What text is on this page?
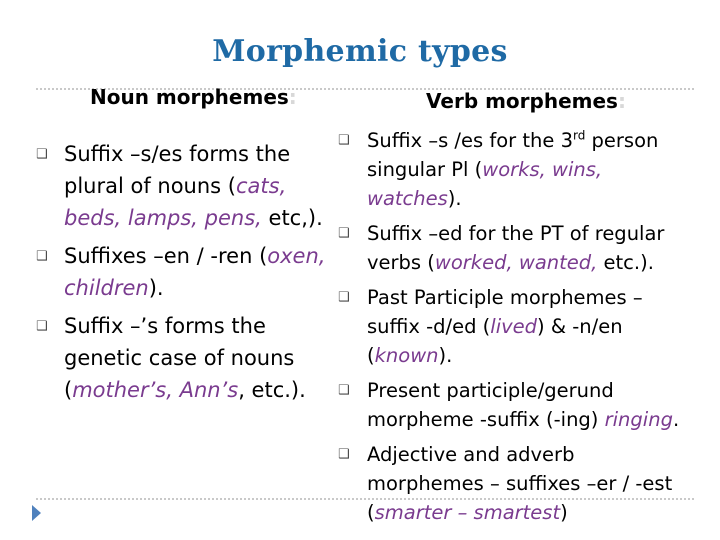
Morphemic types
Noun morphemes:	Verb morphemes:
❑ Suffix –s/es forms the plural of nouns (cats, beds, lamps, pens, etc,).
❑ Suffixes –en / -ren (oxen, children).
❑ Suffix –’s forms the genetic case of nouns (mother’s, Ann’s, etc.).
❑ Suffix –s /es for the 3rd person singular Pl (works, wins, watches).
❑ Suffix –ed for the PT of regular verbs (worked, wanted, etc.).
❑ Past Participle morphemes –suffix -d/ed (lived) & -n/en (known).
❑ Present participle/gerund morpheme -suffix (-ing) ringing.
❑ Adjective and adverb morphemes – suffixes –er / -est (smarter – smartest)
